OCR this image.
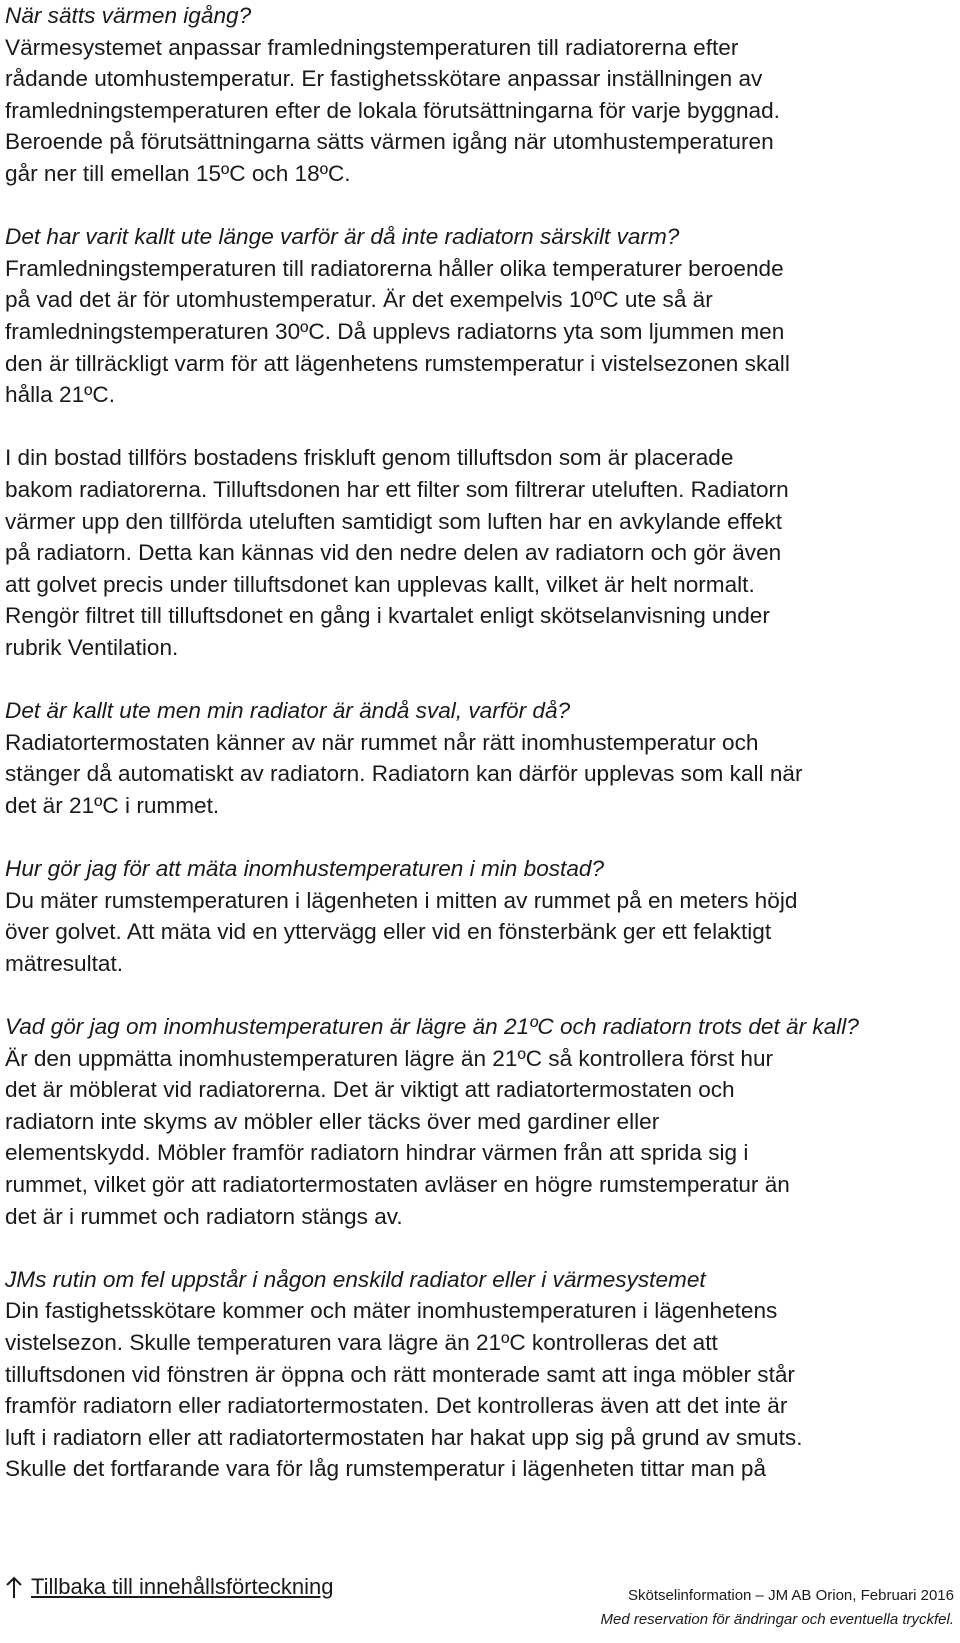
När sätts värmen igång?
Värmesystemet anpassar framledningstemperaturen till radiatorerna efter
rådande utomhustemperatur. Er fastighetsskötare anpassar inställningen av
framledningstemperaturen efter de lokala förutsättningarna för varje byggnad.
Beroende på förutsättningarna sätts värmen igång när utomhustemperaturen
går ner till emellan 15ºC och 18ºC.
Det har varit kallt ute länge varför är då inte radiatorn särskilt varm?
Framledningstemperaturen till radiatorerna håller olika temperaturer beroende
på vad det är för utomhustemperatur. Är det exempelvis 10ºC ute så är
framledningstemperaturen 30ºC. Då upplevs radiatorns yta som ljummen men
den är tillräckligt varm för att lägenhetens rumstemperatur i vistelsezonen skall
hålla 21ºC.
I din bostad tillförs bostadens friskluft genom tilluftsdon som är placerade
bakom radiatorerna. Tilluftsdonen har ett filter som filtrerar uteluften. Radiatorn
värmer upp den tillförda uteluften samtidigt som luften har en avkylande effekt
på radiatorn. Detta kan kännas vid den nedre delen av radiatorn och gör även
att golvet precis under tilluftsdonet kan upplevas kallt, vilket är helt normalt.
Rengör filtret till tilluftsdonet en gång i kvartalet enligt skötselanvisning under
rubrik Ventilation.
Det är kallt ute men min radiator är ändå sval, varför då?
Radiatortermostaten känner av när rummet når rätt inomhustemperatur och
stänger då automatiskt av radiatorn. Radiatorn kan därför upplevas som kall när
det är 21ºC i rummet.
Hur gör jag för att mäta inomhustemperaturen i min bostad?
Du mäter rumstemperaturen i lägenheten i mitten av rummet på en meters höjd
över golvet. Att mäta vid en yttervägg eller vid en fönsterbänk ger ett felaktigt
mätresultat.
Vad gör jag om inomhustemperaturen är lägre än 21ºC och radiatorn trots det är kall?
Är den uppmätta inomhustemperaturen lägre än 21ºC så kontrollera först hur
det är möblerat vid radiatorerna. Det är viktigt att radiatortermostaten och
radiatorn inte skyms av möbler eller täcks över med gardiner eller
elementskydd. Möbler framför radiatorn hindrar värmen från att sprida sig i
rummet, vilket gör att radiatortermostaten avläser en högre rumstemperatur än
det är i rummet och radiatorn stängs av.
JMs rutin om fel uppstår i någon enskild radiator eller i värmesystemet
Din fastighetsskötare kommer och mäter inomhustemperaturen i lägenhetens
vistelsezon. Skulle temperaturen vara lägre än 21ºC kontrolleras det att
tilluftsdonen vid fönstren är öppna och rätt monterade samt att inga möbler står
framför radiatorn eller radiatortermostaten. Det kontrolleras även att det inte är
luft i radiatorn eller att radiatortermostaten har hakat upp sig på grund av smuts.
Skulle det fortfarande vara för låg rumstemperatur i lägenheten tittar man på
Tillbaka till innehållsförteckning	Skötselinformation – JM AB Orion, Februari 2016
Med reservation för ändringar och eventuella tryckfel.
